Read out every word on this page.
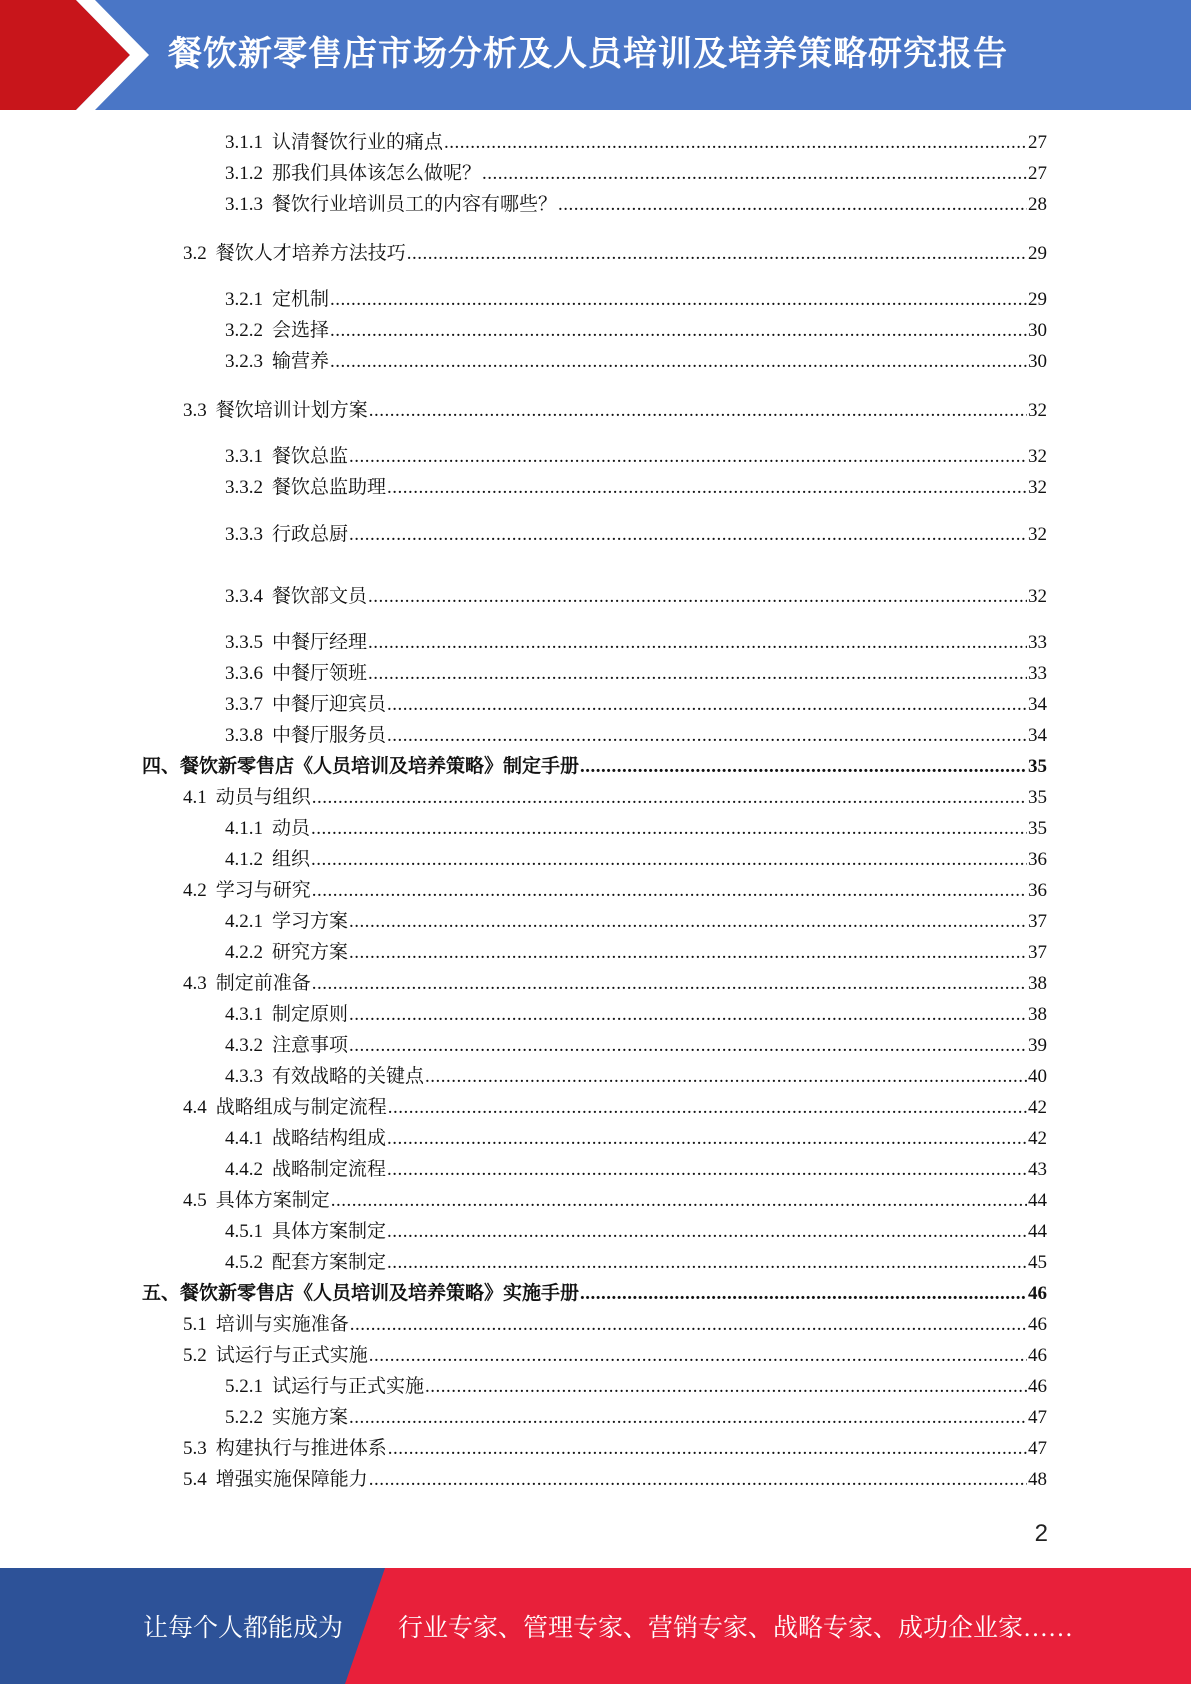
餐饮新零售店市场分析及人员培训及培养策略研究报告
3.1.1 认清餐饮行业的痛点 .....	27
3.1.2 那我们具体该怎么做呢？ .....	27
3.1.3 餐饮行业培训员工的内容有哪些？ .....	28
3.2 餐饮人才培养方法技巧 .....	29
3.2.1 定机制 .....	29
3.2.2 会选择 .....	30
3.2.3 输营养 .....	30
3.3 餐饮培训计划方案 .....	32
3.3.1 餐饮总监 .....	32
3.3.2 餐饮总监助理 .....	32
3.3.3 行政总厨 .....	32
3.3.4 餐饮部文员 .....	32
3.3.5 中餐厅经理 .....	33
3.3.6 中餐厅领班 .....	33
3.3.7 中餐厅迎宾员 .....	34
3.3.8 中餐厅服务员 .....	34
四、 餐饮新零售店《人员培训及培养策略》制定手册 .....	35
4.1 动员与组织 .....	35
4.1.1 动员 .....	35
4.1.2 组织 .....	36
4.2 学习与研究 .....	36
4.2.1 学习方案 .....	37
4.2.2 研究方案 .....	37
4.3 制定前准备 .....	38
4.3.1 制定原则 .....	38
4.3.2 注意事项 .....	39
4.3.3 有效战略的关键点 .....	40
4.4 战略组成与制定流程 .....	42
4.4.1 战略结构组成 .....	42
4.4.2 战略制定流程 .....	43
4.5 具体方案制定 .....	44
4.5.1 具体方案制定 .....	44
4.5.2 配套方案制定 .....	45
五、 餐饮新零售店《人员培训及培养策略》实施手册 .....	46
5.1 培训与实施准备 .....	46
5.2 试运行与正式实施 .....	46
5.2.1 试运行与正式实施 .....	46
5.2.2 实施方案 .....	47
5.3 构建执行与推进体系 .....	47
5.4 增强实施保障能力 .....	48
2
让每个人都能成为 行业专家、管理专家、营销专家、战略专家、成功企业家……
